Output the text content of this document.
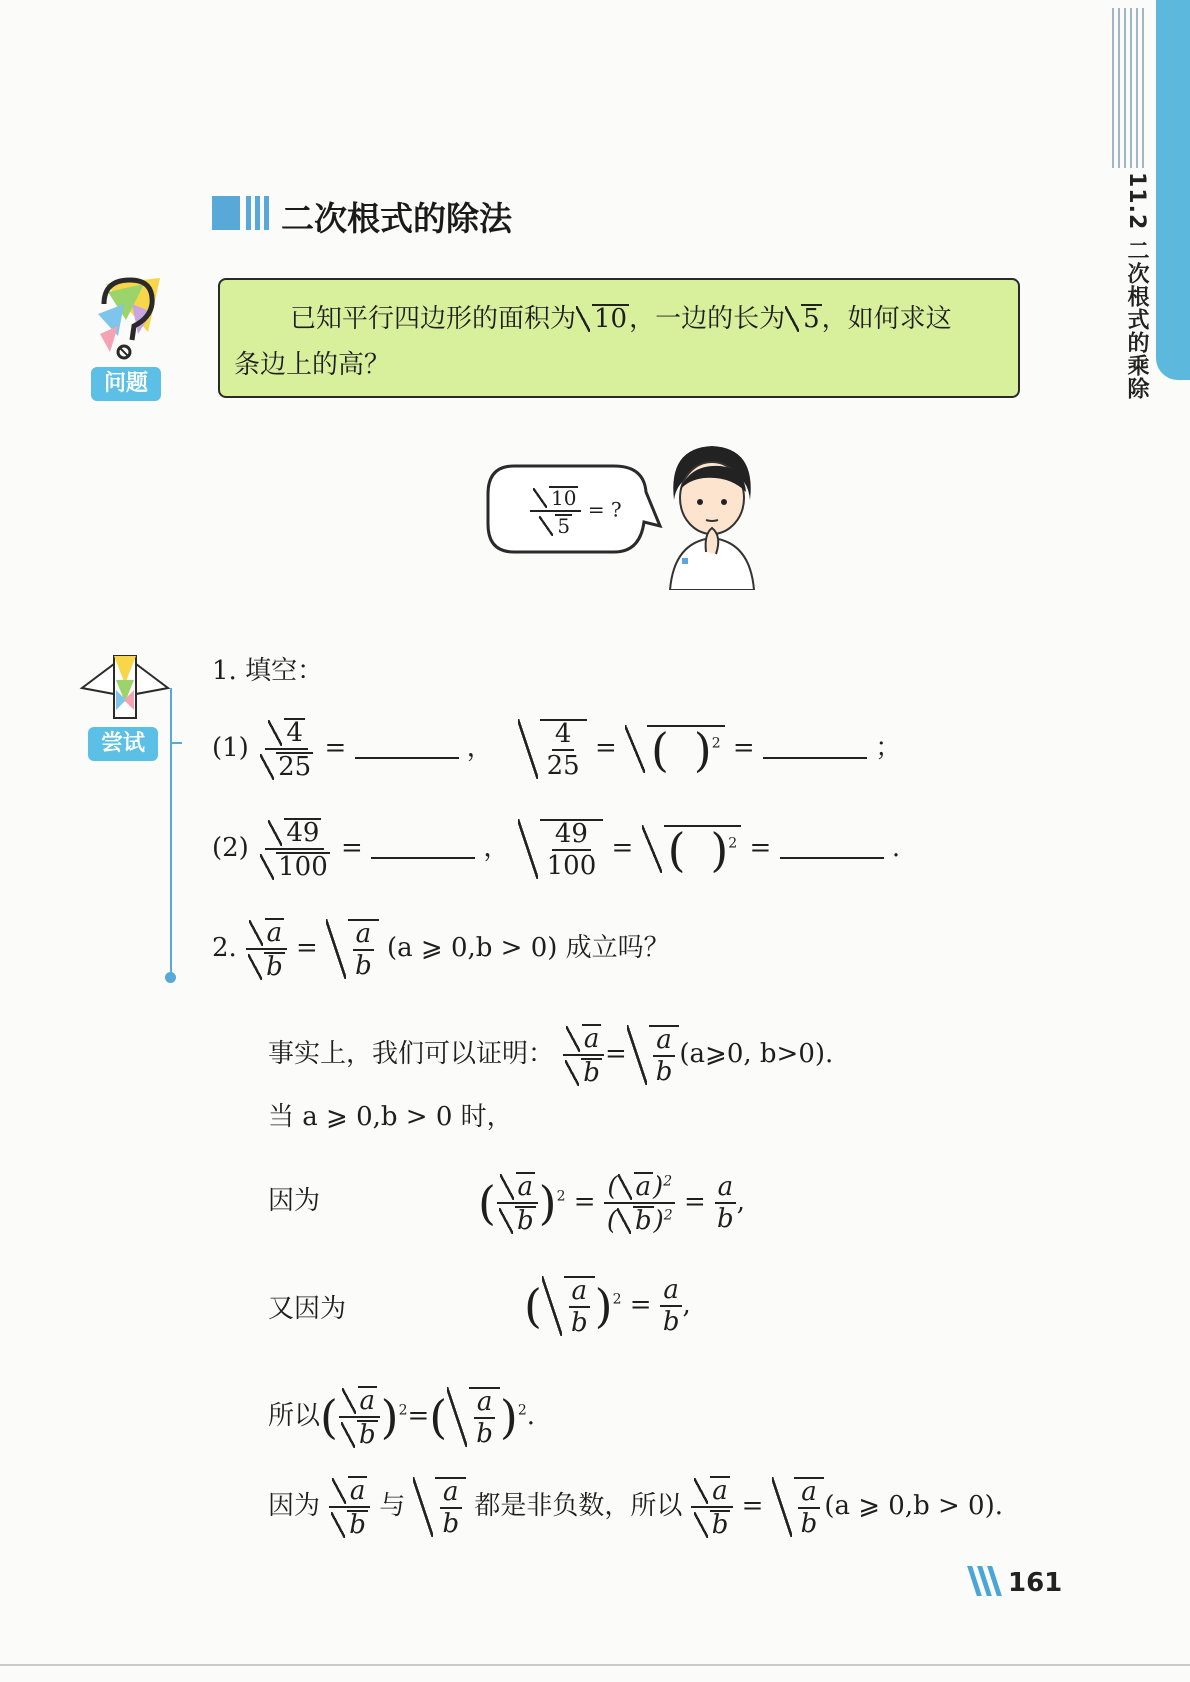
11.2 二次根式的乘除
二次根式的除法
问题
已知平行四边形的面积为 10，一边的长为 5，如何求这
条边上的高？
$\frac{10}{5}$ = ?
尝试
1. 填空：
$(1) \frac{4}{25}$ =	， $\frac{4}{25}$ = ( )$^2$ =	；
$(2) \frac{49}{100}$ =	， $\frac{49}{100}$ = ( )$^2$ =	.
2. $\frac{a}{b} = \frac{a}{b} (a$ ⩾ 0,b > 0) 成立吗？
事实上，我们可以证明： $\frac{a}{b} = \frac{a}{b}$ (a⩾0, b>0).
当 a ⩾ 0,b > 0 时，
因为	( $\frac{a}{b} )^2 = \frac{( a)^2}{( b)^2} = \frac{a}{b}$ ,
又因为	( $\frac{a}{b} )^2 = \frac{a}{b}$ ,
所以( $\frac{a}{b} )^2=( \frac{a}{b} )^2$.
因为 $\frac{a}{b}$ 与 $\frac{a}{b}$ 都是非负数，所以 $\frac{a}{b} = \frac{a}{b} (a$ ⩾ 0,b > 0).
161
